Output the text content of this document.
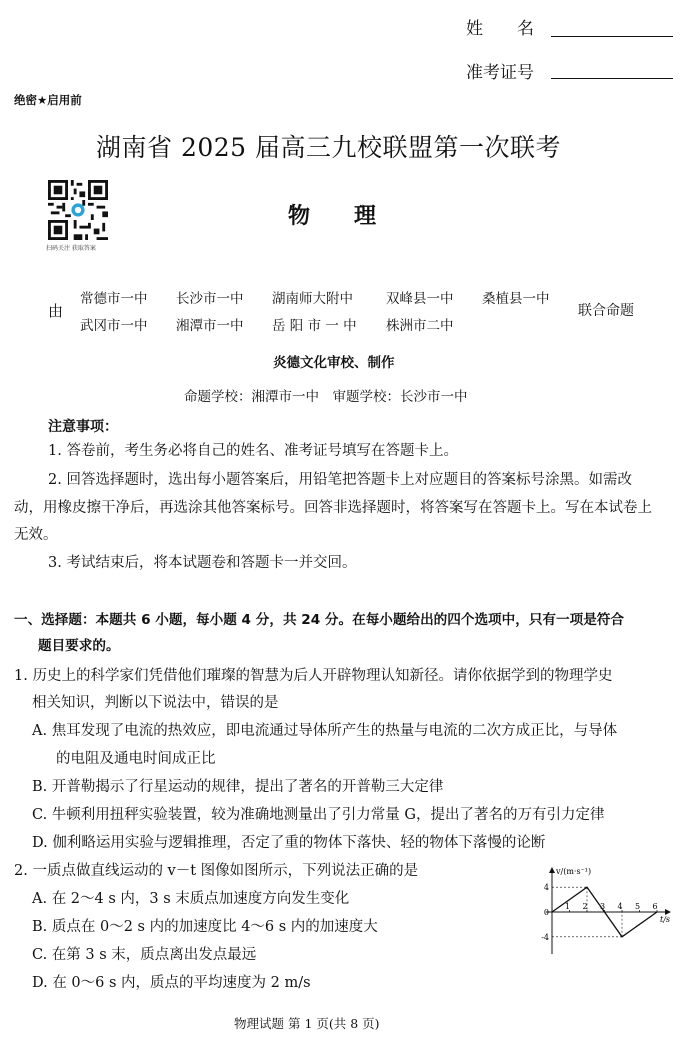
姓　　名
准考证号
绝密★启用前
湖南省 2025 届高三九校联盟第一次联考
扫码关注 获取答案
物　　理
由
常德市一中 长沙市一中 湖南师大附中 双峰县一中 桑植县一中
武冈市一中 湘潭市一中 岳 阳 市 一 中 株洲市二中
联合命题
炎德文化审校、制作
命题学校：湘潭市一中　审题学校：长沙市一中
注意事项：
1. 答卷前，考生务必将自己的姓名、准考证号填写在答题卡上。
2. 回答选择题时，选出每小题答案后，用铅笔把答题卡上对应题目的答案标号涂黑。如需改
动，用橡皮擦干净后，再选涂其他答案标号。回答非选择题时，将答案写在答题卡上。写在本试卷上
无效。
3. 考试结束后，将本试题卷和答题卡一并交回。
一、选择题：本题共 6 小题，每小题 4 分，共 24 分。在每小题给出的四个选项中，只有一项是符合
题目要求的。
1. 历史上的科学家们凭借他们璀璨的智慧为后人开辟物理认知新径。请你依据学到的物理学史
相关知识，判断以下说法中，错误的是
A. 焦耳发现了电流的热效应，即电流通过导体所产生的热量与电流的二次方成正比，与导体
的电阻及通电时间成正比
B. 开普勒揭示了行星运动的规律，提出了著名的开普勒三大定律
C. 牛顿利用扭秤实验装置，较为准确地测量出了引力常量 G，提出了著名的万有引力定律
D. 伽利略运用实验与逻辑推理，否定了重的物体下落快、轻的物体下落慢的论断
2. 一质点做直线运动的 v－t 图像如图所示，下列说法正确的是
A. 在 2～4 s 内，3 s 末质点加速度方向发生变化
B. 质点在 0～2 s 内的加速度比 4～6 s 内的加速度大
C. 在第 3 s 末，质点离出发点最远
D. 在 0～6 s 内，质点的平均速度为 2 m/s
v/(m·s⁻¹)
t/s
4
0
-4
1 2 3 4 5 6
物理试题 第 1 页(共 8 页)
